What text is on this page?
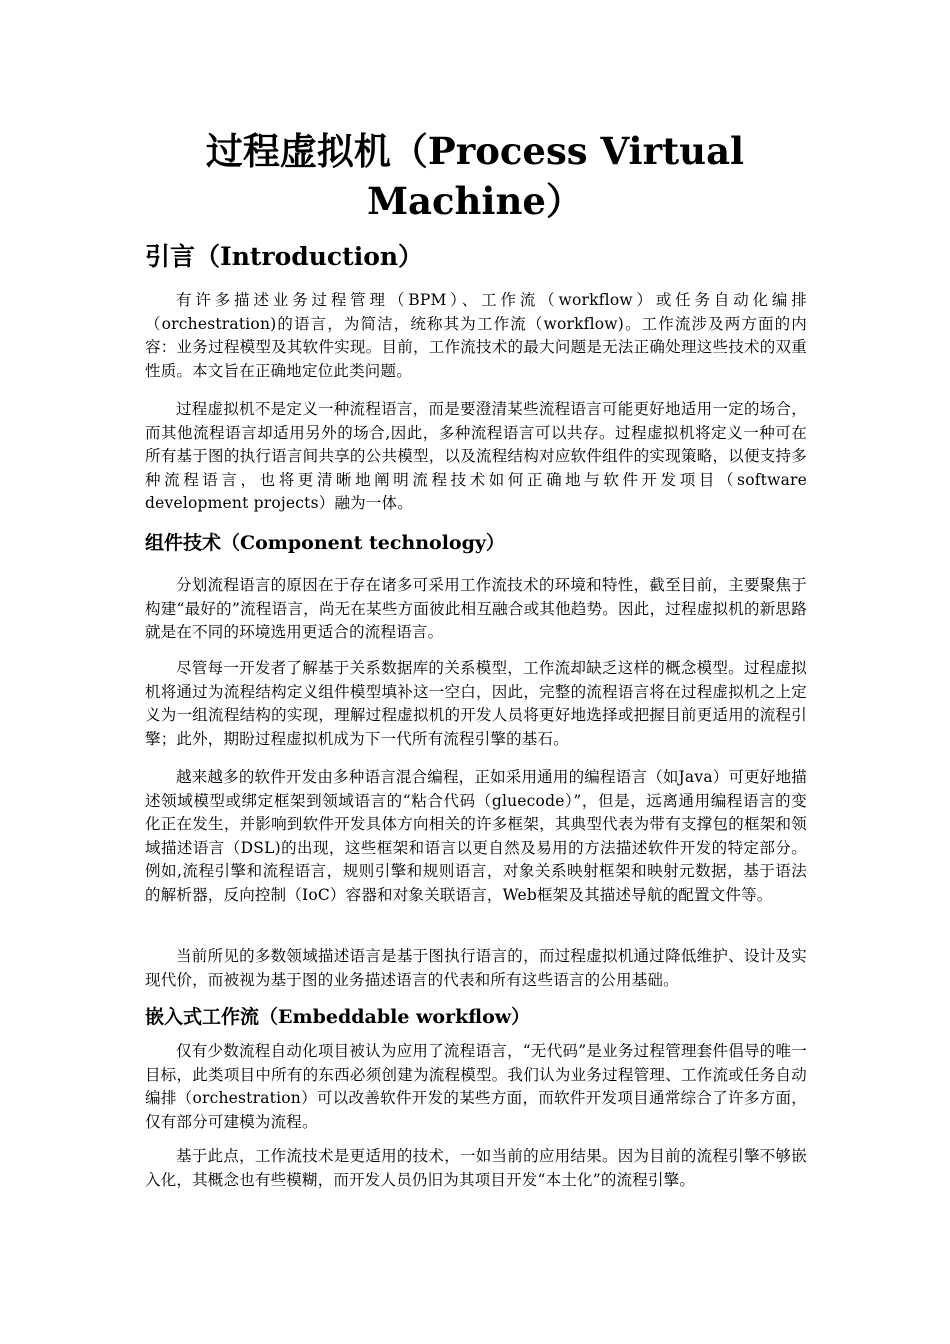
过程虚拟机（Process Virtual Machine）
引言（Introduction）

有许多描述业务过程管理（BPM）、工作流（workflow）或任务自动化编排（orchestration)的语言，为简洁，统称其为工作流（workflow)。工作流涉及两方面的内容：业务过程模型及其软件实现。目前，工作流技术的最大问题是无法正确处理这些技术的双重性质。本文旨在正确地定位此类问题。

过程虚拟机不是定义一种流程语言，而是要澄清某些流程语言可能更好地适用一定的场合，而其他流程语言却适用另外的场合,因此，多种流程语言可以共存。过程虚拟机将定义一种可在所有基于图的执行语言间共享的公共模型，以及流程结构对应软件组件的实现策略，以便支持多种流程语言，也将更清晰地阐明流程技术如何正确地与软件开发项目（software development projects）融为一体。

组件技术（Component technology）

分划流程语言的原因在于存在诸多可采用工作流技术的环境和特性，截至目前，主要聚焦于构建“最好的”流程语言，尚无在某些方面彼此相互融合或其他趋势。因此，过程虚拟机的新思路就是在不同的环境选用更适合的流程语言。

尽管每一开发者了解基于关系数据库的关系模型，工作流却缺乏这样的概念模型。过程虚拟机将通过为流程结构定义组件模型填补这一空白，因此，完整的流程语言将在过程虚拟机之上定义为一组流程结构的实现，理解过程虚拟机的开发人员将更好地选择或把握目前更适用的流程引擎；此外，期盼过程虚拟机成为下一代所有流程引擎的基石。

越来越多的软件开发由多种语言混合编程，正如采用通用的编程语言（如Java）可更好地描述领域模型或绑定框架到领域语言的“粘合代码（gluecode）”，但是，远离通用编程语言的变化正在发生，并影响到软件开发具体方向相关的许多框架，其典型代表为带有支撑包的框架和领域描述语言（DSL)的出现，这些框架和语言以更自然及易用的方法描述软件开发的特定部分。例如,流程引擎和流程语言，规则引擎和规则语言，对象关系映射框架和映射元数据，基于语法的解析器，反向控制（IoC）容器和对象关联语言，Web框架及其描述导航的配置文件等。

当前所见的多数领域描述语言是基于图执行语言的，而过程虚拟机通过降低维护、设计及实现代价，而被视为基于图的业务描述语言的代表和所有这些语言的公用基础。

嵌入式工作流（Embeddable workflow）

仅有少数流程自动化项目被认为应用了流程语言，“无代码”是业务过程管理套件倡导的唯一目标，此类项目中所有的东西必须创建为流程模型。我们认为业务过程管理、工作流或任务自动编排（orchestration）可以改善软件开发的某些方面，而软件开发项目通常综合了许多方面，仅有部分可建模为流程。

基于此点，工作流技术是更适用的技术，一如当前的应用结果。因为目前的流程引擎不够嵌入化，其概念也有些模糊，而开发人员仍旧为其项目开发“本土化”的流程引擎。
